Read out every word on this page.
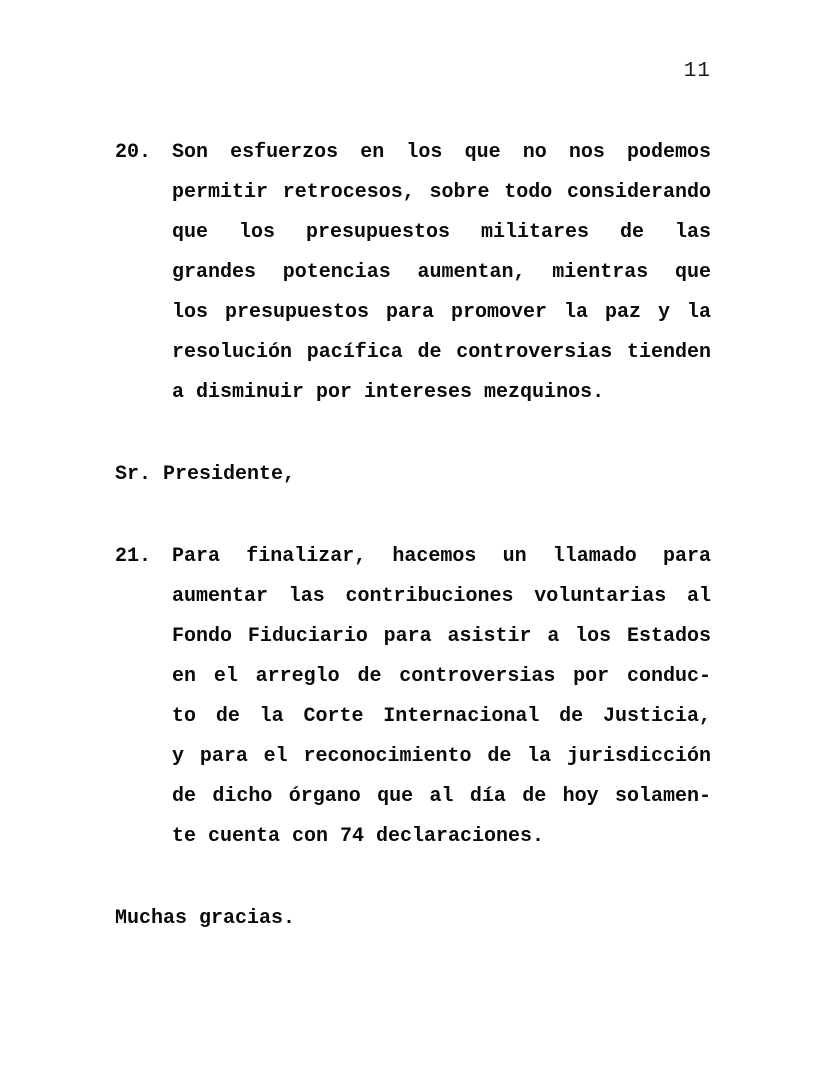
11
20.	Son esfuerzos en los que no nos podemos
permitir retrocesos, sobre todo considerando
que los presupuestos militares de las
grandes potencias aumentan, mientras que
los presupuestos para promover la paz y la
resolución pacífica de controversias tienden
a disminuir por intereses mezquinos.
Sr. Presidente,
21.	Para finalizar, hacemos un llamado para
aumentar las contribuciones voluntarias al
Fondo Fiduciario para asistir a los Estados
en el arreglo de controversias por conduc-
to de la Corte Internacional de Justicia,
y para el reconocimiento de la jurisdicción
de dicho órgano que al día de hoy solamen-
te cuenta con 74 declaraciones.
Muchas gracias.
